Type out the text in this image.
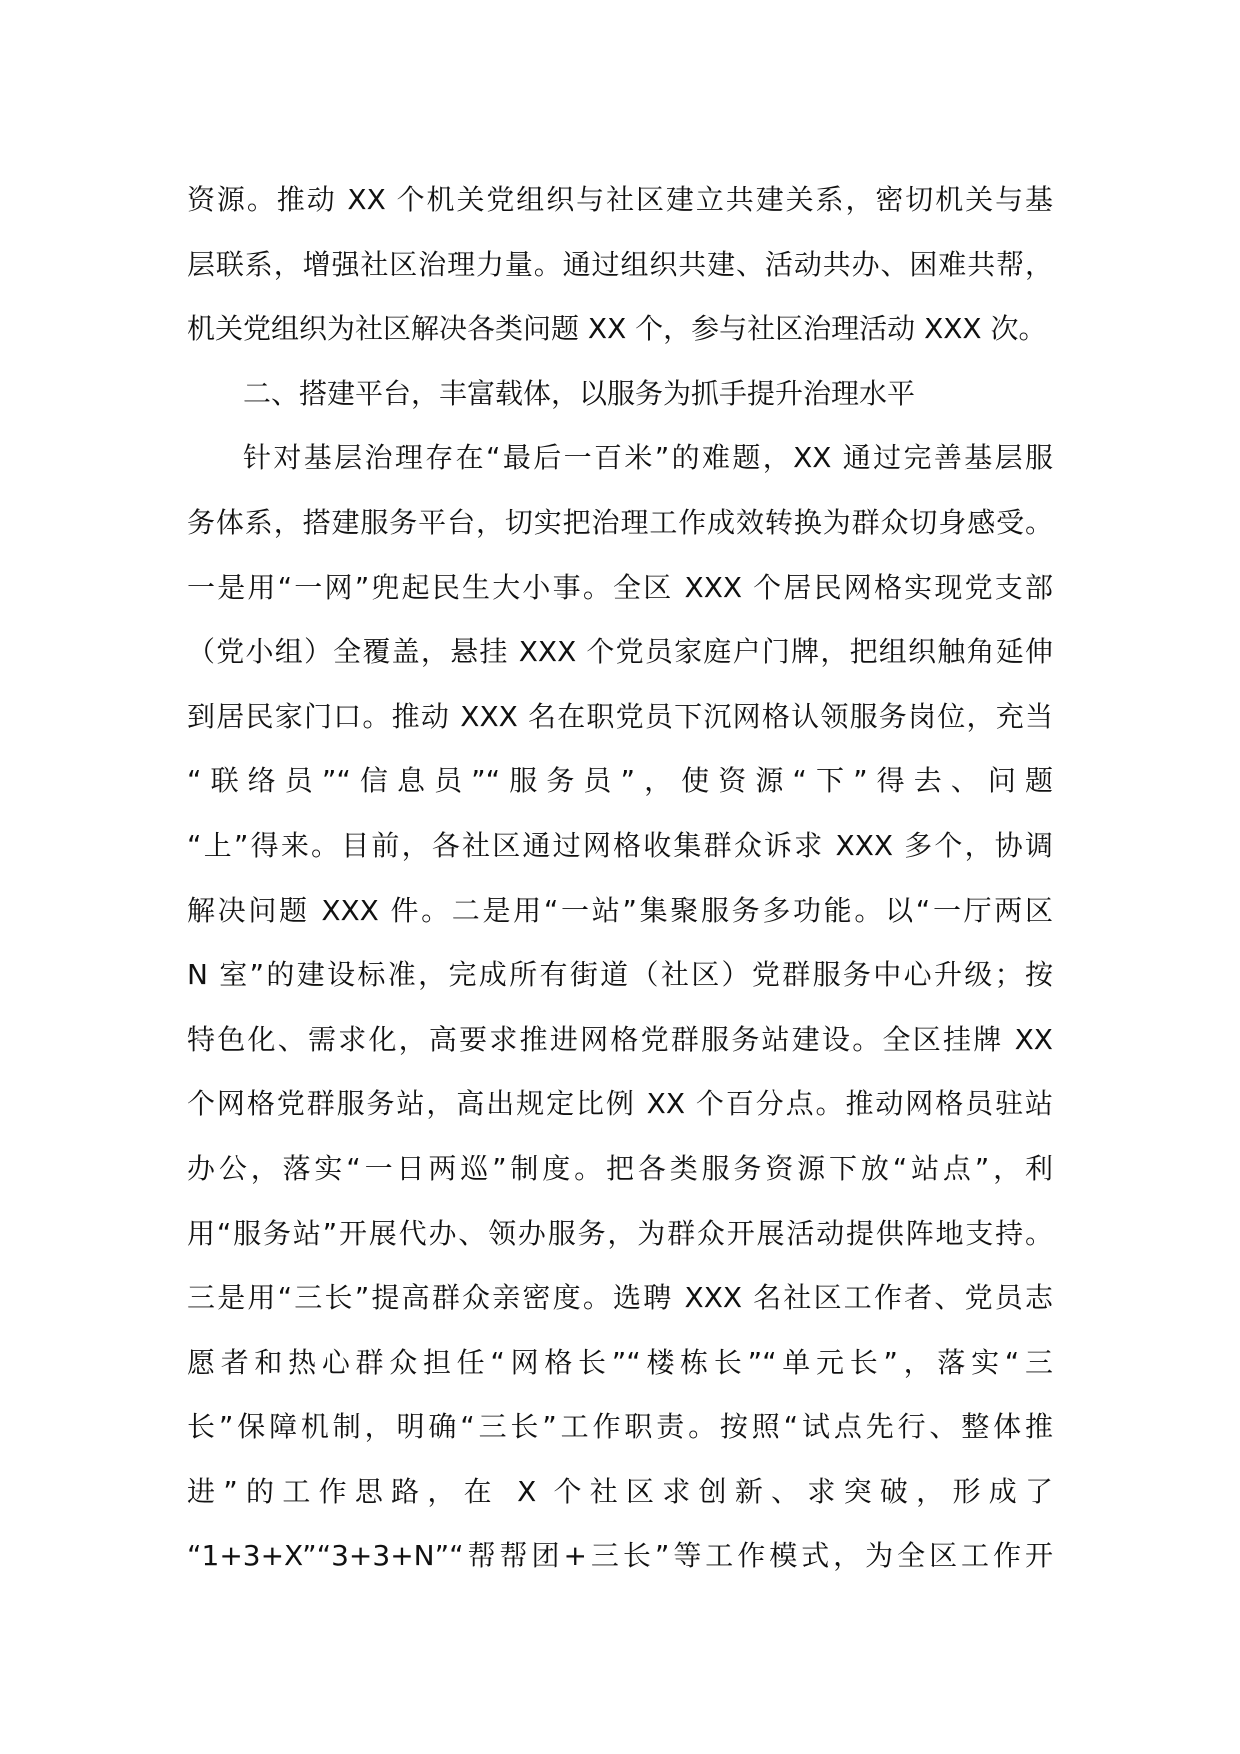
资源。推动 XX 个机关党组织与社区建立共建关系，密切机关与基
层联系，增强社区治理力量。通过组织共建、活动共办、困难共帮，
机关党组织为社区解决各类问题 XX 个，参与社区治理活动 XXX 次。
二、搭建平台，丰富载体，以服务为抓手提升治理水平
针对基层治理存在“最后一百米”的难题，XX 通过完善基层服
务体系，搭建服务平台，切实把治理工作成效转换为群众切身感受。
一是用“一网”兜起民生大小事。全区 XXX 个居民网格实现党支部
（党小组）全覆盖，悬挂 XXX 个党员家庭户门牌，把组织触角延伸
到居民家门口。推动 XXX 名在职党员下沉网格认领服务岗位，充当
“联络员”“信息员”“服务员”，使资源“下”得去、问题
“上”得来。目前，各社区通过网格收集群众诉求 XXX 多个，协调
解决问题 XXX 件。二是用“一站”集聚服务多功能。以“一厅两区
N 室”的建设标准，完成所有街道（社区）党群服务中心升级；按
特色化、需求化，高要求推进网格党群服务站建设。全区挂牌 XX
个网格党群服务站，高出规定比例 XX 个百分点。推动网格员驻站
办公，落实“一日两巡”制度。把各类服务资源下放“站点”，利
用“服务站”开展代办、领办服务，为群众开展活动提供阵地支持。
三是用“三长”提高群众亲密度。选聘 XXX 名社区工作者、党员志
愿者和热心群众担任“网格长”“楼栋长”“单元长”，落实“三
长”保障机制，明确“三长”工作职责。按照“试点先行、整体推
进”的工作思路，在 X 个社区求创新、求突破，形成了
“1+3+X”“3+3+N”“帮帮团+三长”等工作模式，为全区工作开
